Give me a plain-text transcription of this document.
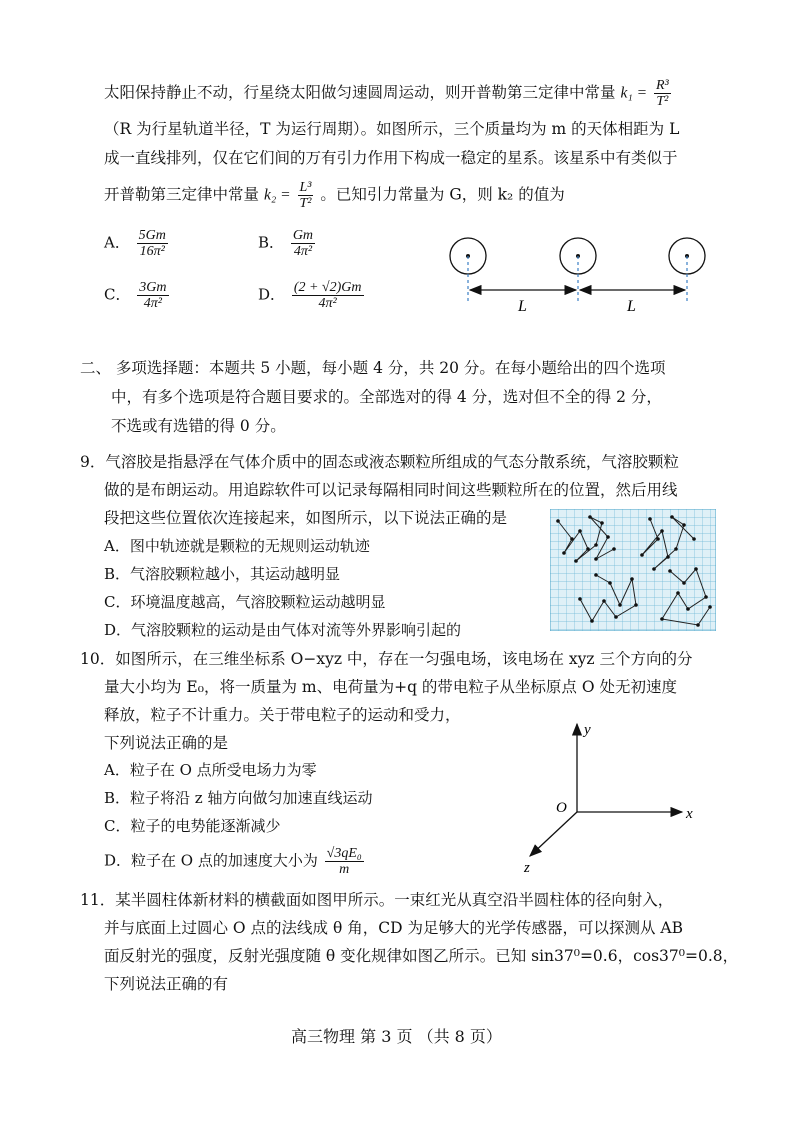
太阳保持静止不动，行星绕太阳做匀速圆周运动，则开普勒第三定律中常量 $k_1 = \frac{\text{R³}}{\text{T²}}$
（R 为行星轨道半径，T 为运行周期）。如图所示，三个质量均为 m 的天体相距为 L
成一直线排列，仅在它们间的万有引力作用下构成一稳定的星系。该星系中有类似于
开普勒第三定律中常量 $k_2 = \frac{\text{L³}}{\text{T²}}$ 。已知引力常量为 G，则 k₂ 的值为
A． $\frac{5Gm}{\text{16π²}}$	B． $\frac{Gm}{\text{4π²}}$
C． $\frac{3Gm}{\text{4π²}}$	D． $\frac{(2 + √2)Gm}{\text{4π²}}$	L	L
二、 多项选择题：本题共 5 小题，每小题 4 分，共 20 分。在每小题给出的四个选项
中，有多个选项是符合题目要求的。全部选对的得 4 分，选对但不全的得 2 分，
不选或有选错的得 0 分。
9．气溶胶是指悬浮在气体介质中的固态或液态颗粒所组成的气态分散系统，气溶胶颗粒
做的是布朗运动。用追踪软件可以记录每隔相同时间这些颗粒所在的位置，然后用线
段把这些位置依次连接起来，如图所示，以下说法正确的是
A．图中轨迹就是颗粒的无规则运动轨迹
B．气溶胶颗粒越小，其运动越明显
C．环境温度越高，气溶胶颗粒运动越明显
D．气溶胶颗粒的运动是由气体对流等外界影响引起的
10．如图所示，在三维坐标系 O−xyz 中，存在一匀强电场，该电场在 xyz 三个方向的分
量大小均为 E₀，将一质量为 m、电荷量为+q 的带电粒子从坐标原点 O 处无初速度
释放，粒子不计重力。关于带电粒子的运动和受力，
下列说法正确的是
A．粒子在 O 点所受电场力为零
B．粒子将沿 z 轴方向做匀加速直线运动
C．粒子的电势能逐渐减少
D．粒子在 O 点的加速度大小为 $\frac{\text{√3qE₀}}{m}$
y
x
z
O
11．某半圆柱体新材料的横截面如图甲所示。一束红光从真空沿半圆柱体的径向射入，
并与底面上过圆心 O 点的法线成 θ 角，CD 为足够大的光学传感器，可以探测从 AB
面反射光的强度，反射光强度随 θ 变化规律如图乙所示。已知 sin37⁰=0.6，cos37⁰=0.8，
下列说法正确的有
高三物理 第 3 页 （共 8 页）
